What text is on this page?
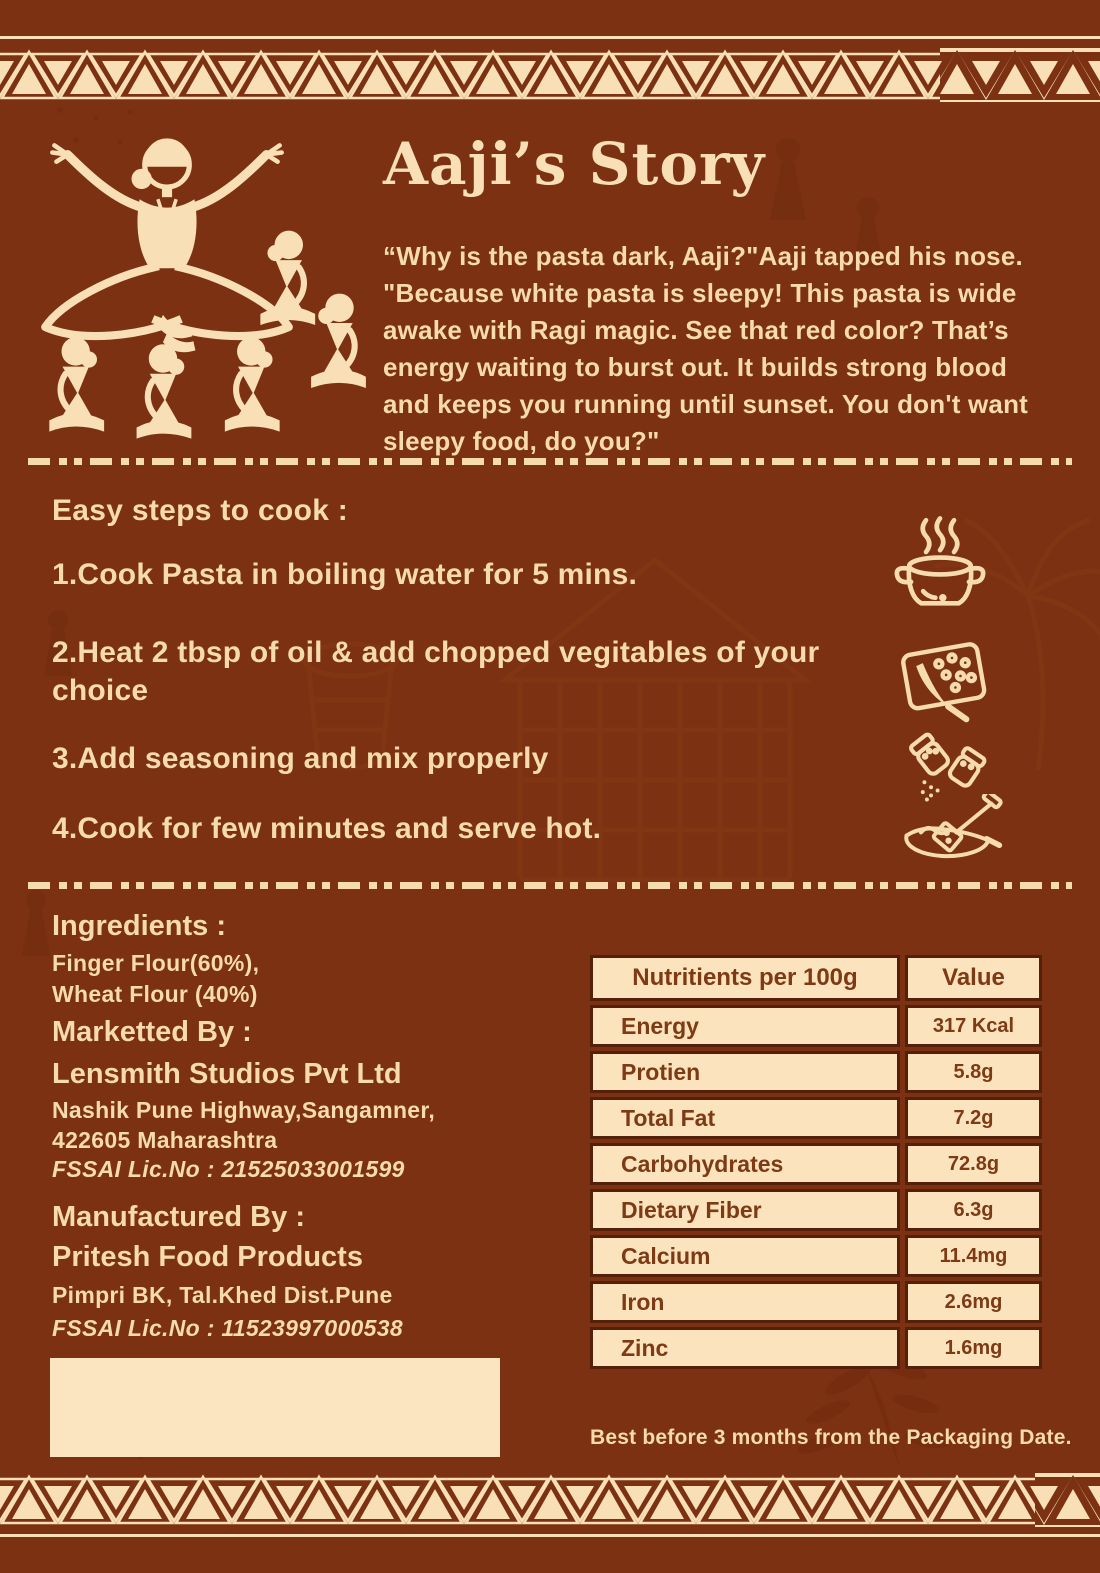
Aaji’s Story
“Why is the pasta dark, Aaji?"Aaji tapped his nose. "Because white pasta is sleepy! This pasta is wide awake with Ragi magic. See that red color? That’s energy waiting to burst out. It builds strong blood and keeps you running until sunset. You don't want sleepy food, do you?"
Easy steps to cook :
1.Cook Pasta in boiling water for 5 mins.
2.Heat 2 tbsp of oil & add chopped vegitables of your choice
3.Add seasoning and mix properly
4.Cook for few minutes and serve hot.
Ingredients :
Finger Flour(60%),
Wheat Flour (40%)
Marketted By :
Lensmith Studios Pvt Ltd
Nashik Pune Highway,Sangamner,
422605 Maharashtra
FSSAI Lic.No : 21525033001599
Manufactured By :
Pritesh Food Products
Pimpri BK, Tal.Khed Dist.Pune
FSSAI Lic.No : 11523997000538
Nutritients per 100g	Value
Energy	317 Kcal
Protien	5.8g
Total Fat	7.2g
Carbohydrates	72.8g
Dietary Fiber	6.3g
Calcium	11.4mg
Iron	2.6mg
Zinc	1.6mg
Best before 3 months from the Packaging Date.
